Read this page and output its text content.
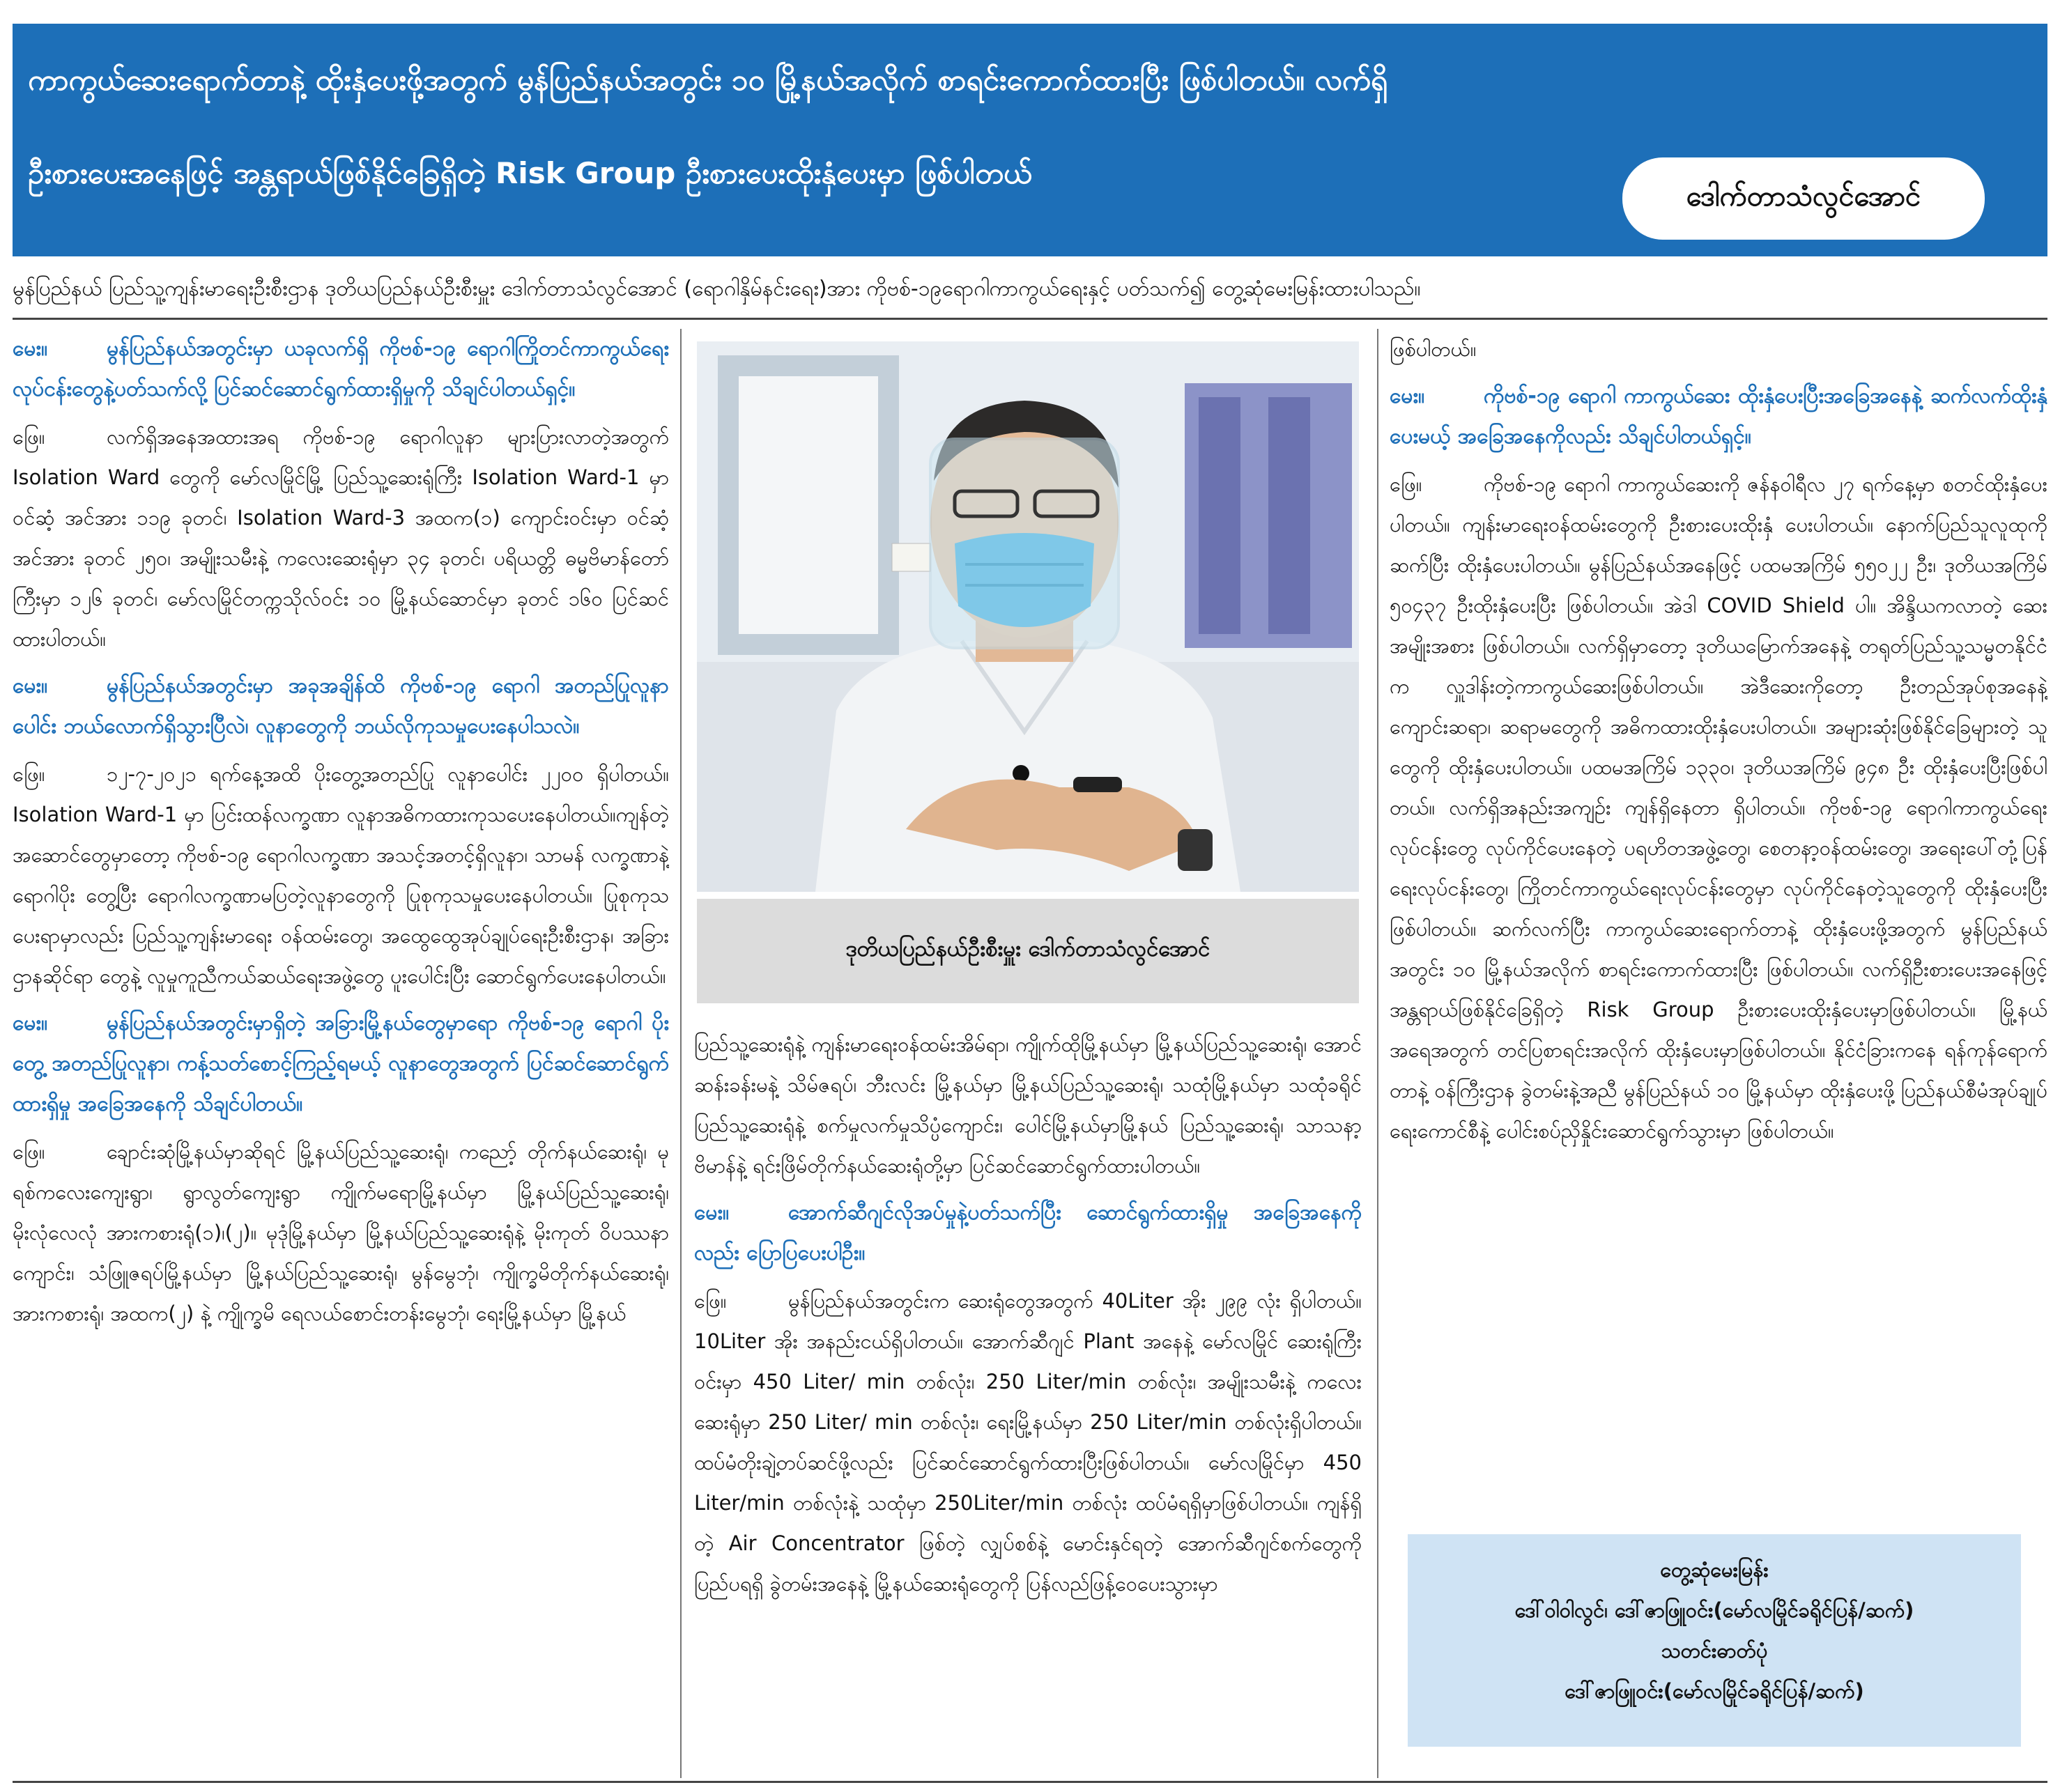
ကာကွယ်ဆေးရောက်တာနဲ့ ထိုးနှံပေးဖို့အတွက် မွန်ပြည်နယ်အတွင်း ၁၀ မြို့နယ်အလိုက် စာရင်းကောက်ထားပြီး ဖြစ်ပါတယ်။ လက်ရှိ
ဦးစားပေးအနေဖြင့် အန္တရာယ်ဖြစ်နိုင်ခြေရှိတဲ့ Risk Group ဦးစားပေးထိုးနှံပေးမှာ ဖြစ်ပါတယ်
ဒေါက်တာသံလွင်အောင်
မွန်ပြည်နယ် ပြည်သူ့ကျန်းမာရေးဦးစီးဌာန ဒုတိယပြည်နယ်ဦးစီးမှူး ဒေါက်တာသံလွင်အောင် (ရောဂါနှိမ်နင်းရေး)အား ကိုဗစ်-၁၉ရောဂါကာကွယ်ရေးနှင့် ပတ်သက်၍ တွေ့ဆုံမေးမြန်းထားပါသည်။

မေး။	မွန်ပြည်နယ်အတွင်းမှာ ယခုလက်ရှိ ကိုဗစ်-၁၉ ရောဂါကြိုတင်ကာကွယ်ရေးလုပ်ငန်းတွေနဲ့ပတ်သက်လို့ ပြင်ဆင်ဆောင်ရွက်ထားရှိမှုကို သိချင်ပါတယ်ရှင့်။

ဖြေ။	လက်ရှိအနေအထားအရ ကိုဗစ်-၁၉ ရောဂါလူနာ များပြားလာတဲ့အတွက် Isolation Ward တွေကို မော်လမြိုင်မြို့ ပြည်သူ့ဆေးရုံကြီး Isolation Ward-1 မှာ ဝင်ဆံ့ အင်အား ၁၁၉ ခုတင်၊ Isolation Ward-3 အထက(၁) ကျောင်းဝင်းမှာ ဝင်ဆံ့အင်အား ခုတင် ၂၅၀၊ အမျိုးသမီးနဲ့ ကလေးဆေးရုံမှာ ၃၄ ခုတင်၊ ပရိယတ္တိ ဓမ္မဗိမာန်တော်ကြီးမှာ ၁၂၆ ခုတင်၊ မော်လမြိုင်တက္ကသိုလ်ဝင်း ၁၀ မြို့နယ်ဆောင်မှာ ခုတင် ၁၆၀ ပြင်ဆင်ထားပါတယ်။

မေး။	မွန်ပြည်နယ်အတွင်းမှာ အခုအချိန်ထိ ကိုဗစ်-၁၉ ရောဂါ အတည်ပြုလူနာပေါင်း ဘယ်လောက်ရှိသွားပြီလဲ၊ လူနာတွေကို ဘယ်လိုကုသမှုပေးနေပါသလဲ။

ဖြေ။	၁၂-၇-၂၀၂၁ ရက်နေ့အထိ ပိုးတွေ့အတည်ပြု လူနာပေါင်း ၂၂၀၀ ရှိပါတယ်။ Isolation Ward-1 မှာ ပြင်းထန်လက္ခဏာ လူနာအဓိကထားကုသပေးနေပါတယ်။ကျန်တဲ့အဆောင်တွေမှာတော့ ကိုဗစ်-၁၉ ရောဂါလက္ခဏာ အသင့်အတင့်ရှိလူနာ၊ သာမန် လက္ခဏာနဲ့ ရောဂါပိုး တွေ့ပြီး ရောဂါလက္ခဏာမပြတဲ့လူနာတွေကို ပြုစုကုသမှုပေးနေပါတယ်။ ပြုစုကုသပေးရာမှာလည်း ပြည်သူ့ကျန်းမာရေး ဝန်ထမ်းတွေ၊ အထွေထွေအုပ်ချုပ်ရေးဦးစီးဌာန၊ အခြားဌာနဆိုင်ရာ တွေနဲ့ လူမှုကူညီကယ်ဆယ်ရေးအဖွဲ့တွေ ပူးပေါင်းပြီး ဆောင်ရွက်ပေးနေပါတယ်။

မေး။	မွန်ပြည်နယ်အတွင်းမှာရှိတဲ့ အခြားမြို့နယ်တွေမှာရော ကိုဗစ်-၁၉ ရောဂါ ပိုးတွေ့ အတည်ပြုလူနာ၊ ကန့်သတ်စောင့်ကြည့်ရမယ့် လူနာတွေအတွက် ပြင်ဆင်ဆောင်ရွက်ထားရှိမှု အခြေအနေကို သိချင်ပါတယ်။

ဖြေ။	ချောင်းဆုံမြို့နယ်မှာဆိုရင် မြို့နယ်ပြည်သူ့ဆေးရုံ၊ ကညော့် တိုက်နယ်ဆေးရုံ၊ မုရစ်ကလေးကျေးရွာ၊ ရွာလွတ်ကျေးရွာ ကျိုက်မရောမြို့နယ်မှာ မြို့နယ်ပြည်သူ့ဆေးရုံ၊ မိုးလုံလေလုံ အားကစားရုံ(၁)၊(၂)။ မုဒုံမြို့နယ်မှာ မြို့နယ်ပြည်သူ့ဆေးရုံနဲ့ မိုးကုတ် ဝိပဿနာကျောင်း၊ သံဖြူဇရပ်မြို့နယ်မှာ မြို့နယ်ပြည်သူ့ဆေးရုံ၊ မွန်မွေဘုံ၊ ကျိုက္ခမိတိုက်နယ်ဆေးရုံ၊ အားကစားရုံ၊ အထက(၂) နဲ့ ကျိုက္ခမိ ရေလယ်စောင်းတန်းမွေဘုံ၊ ရေးမြို့နယ်မှာ မြို့နယ်

ဒုတိယပြည်နယ်ဦးစီးမှူး ဒေါက်တာသံလွင်အောင်

ပြည်သူ့ဆေးရုံနဲ့ ကျန်းမာရေးဝန်ထမ်းအိမ်ရာ၊ ကျိုက်ထိုမြို့နယ်မှာ မြို့နယ်ပြည်သူ့ဆေးရုံ၊ အောင်ဆန်းခန်းမနဲ့ သိမ်ဇရပ်၊ ဘီးလင်း မြို့နယ်မှာ မြို့နယ်ပြည်သူ့ဆေးရုံ၊ သထုံမြို့နယ်မှာ သထုံခရိုင် ပြည်သူ့ဆေးရုံနဲ့ စက်မှုလက်မှုသိပ္ပံကျောင်း၊ ပေါင်မြို့နယ်မှာမြို့နယ် ပြည်သူ့ဆေးရုံ၊ သာသနာ့ဗိမာန်နဲ့ ရင်းဖြိမ်တိုက်နယ်ဆေးရုံတို့မှာ ပြင်ဆင်ဆောင်ရွက်ထားပါတယ်။

မေး။	အောက်ဆီဂျင်လိုအပ်မှုနဲ့ပတ်သက်ပြီး ဆောင်ရွက်ထားရှိမှု အခြေအနေကိုလည်း ပြောပြပေးပါဦး။

ဖြေ။	မွန်ပြည်နယ်အတွင်းက ဆေးရုံတွေအတွက် 40Liter အိုး ၂၉၉ လုံး ရှိပါတယ်။ 10Liter အိုး အနည်းငယ်ရှိပါတယ်။ အောက်ဆီဂျင် Plant အနေနဲ့ မော်လမြိုင် ဆေးရုံကြီးဝင်းမှာ 450 Liter/ min တစ်လုံး၊ 250 Liter/min တစ်လုံး၊ အမျိုးသမီးနဲ့ ကလေးဆေးရုံမှာ 250 Liter/ min တစ်လုံး၊ ရေးမြို့နယ်မှာ 250 Liter/min တစ်လုံးရှိပါတယ်။ ထပ်မံတိုးချဲ့တပ်ဆင်ဖို့လည်း ပြင်ဆင်ဆောင်ရွက်ထားပြီးဖြစ်ပါတယ်။ မော်လမြိုင်မှာ 450 Liter/min တစ်လုံးနဲ့ သထုံမှာ 250Liter/min တစ်လုံး ထပ်မံရရှိမှာဖြစ်ပါတယ်။ ကျန်ရှိတဲ့ Air Concentrator ဖြစ်တဲ့ လျှပ်စစ်နဲ့ မောင်းနှင်ရတဲ့ အောက်ဆီဂျင်စက်တွေကို ပြည်ပရရှိ ခွဲတမ်းအနေနဲ့ မြို့နယ်ဆေးရုံတွေကို ပြန်လည်ဖြန့်ဝေပေးသွားမှာ

ဖြစ်ပါတယ်။

မေး။	ကိုဗစ်-၁၉ ရောဂါ ကာကွယ်ဆေး ထိုးနှံပေးပြီးအခြေအနေနဲ့ ဆက်လက်ထိုးနှံပေးမယ့် အခြေအနေကိုလည်း သိချင်ပါတယ်ရှင့်။

ဖြေ။	ကိုဗစ်-၁၉ ရောဂါ ကာကွယ်ဆေးကို ဇန်နဝါရီလ ၂၇ ရက်နေ့မှာ စတင်ထိုးနှံပေးပါတယ်။ ကျန်းမာရေးဝန်ထမ်းတွေကို ဦးစားပေးထိုးနှံ ပေးပါတယ်။ နောက်ပြည်သူလူထုကိုဆက်ပြီး ထိုးနှံပေးပါတယ်။ မွန်ပြည်နယ်အနေဖြင့် ပထမအကြိမ် ၅၅၀၂၂ ဦး၊ ဒုတိယအကြိမ် ၅၀၄၃၇ ဦးထိုးနှံပေးပြီး ဖြစ်ပါတယ်။ အဲဒါ COVID Shield ပါ။ အိန္ဒိယကလာတဲ့ ဆေးအမျိုးအစား ဖြစ်ပါတယ်။ လက်ရှိမှာတော့ ဒုတိယမြောက်အနေနဲ့ တရုတ်ပြည်သူ့သမ္မတနိုင်ငံက လှူဒါန်းတဲ့ကာကွယ်ဆေးဖြစ်ပါတယ်။ အဲဒီဆေးကိုတော့ ဦးတည်အုပ်စုအနေနဲ့ ကျောင်းဆရာ၊ ဆရာမတွေကို အဓိကထားထိုးနှံပေးပါတယ်။ အများဆုံးဖြစ်နိုင်ခြေများတဲ့ သူတွေကို ထိုးနှံပေးပါတယ်။ ပထမအကြိမ် ၁၃၃၀၊ ဒုတိယအကြိမ် ၉၄၈ ဦး ထိုးနှံပေးပြီးဖြစ်ပါတယ်။ လက်ရှိအနည်းအကျဉ်း ကျန်ရှိနေတာ ရှိပါတယ်။ ကိုဗစ်-၁၉ ရောဂါကာကွယ်ရေးလုပ်ငန်းတွေ လုပ်ကိုင်ပေးနေတဲ့ ပရဟိတအဖွဲ့တွေ၊ စေတနာ့ဝန်ထမ်းတွေ၊ အရေးပေါ်တုံ့ပြန်ရေးလုပ်ငန်းတွေ၊ ကြိုတင်ကာကွယ်ရေးလုပ်ငန်းတွေမှာ လုပ်ကိုင်နေတဲ့သူတွေကို ထိုးနှံပေးပြီးဖြစ်ပါတယ်။ ဆက်လက်ပြီး ကာကွယ်ဆေးရောက်တာနဲ့ ထိုးနှံပေးဖို့အတွက် မွန်ပြည်နယ်အတွင်း ၁၀ မြို့နယ်အလိုက် စာရင်းကောက်ထားပြီး ဖြစ်ပါတယ်။ လက်ရှိဦးစားပေးအနေဖြင့် အန္တရာယ်ဖြစ်နိုင်ခြေရှိတဲ့ Risk Group ဦးစားပေးထိုးနှံပေးမှာဖြစ်ပါတယ်။ မြို့နယ်အရေအတွက် တင်ပြစာရင်းအလိုက် ထိုးနှံပေးမှာဖြစ်ပါတယ်။ နိုင်ငံခြားကနေ ရန်ကုန်ရောက်တာနဲ့ ဝန်ကြီးဌာန ခွဲတမ်းနဲ့အညီ မွန်ပြည်နယ် ၁၀ မြို့နယ်မှာ ထိုးနှံပေးဖို့ ပြည်နယ်စီမံအုပ်ချုပ်ရေးကောင်စီနဲ့ ပေါင်းစပ်ညှိနှိုင်းဆောင်ရွက်သွားမှာ ဖြစ်ပါတယ်။

တွေ့ဆုံမေးမြန်း
ဒေါ်ဝါဝါလွင်၊ ဒေါ်ဇာဖြူဝင်း(မော်လမြိုင်ခရိုင်ပြန်/ဆက်)
သတင်းဓာတ်ပုံ
ဒေါ်ဇာဖြူဝင်း(မော်လမြိုင်ခရိုင်ပြန်/ဆက်)
